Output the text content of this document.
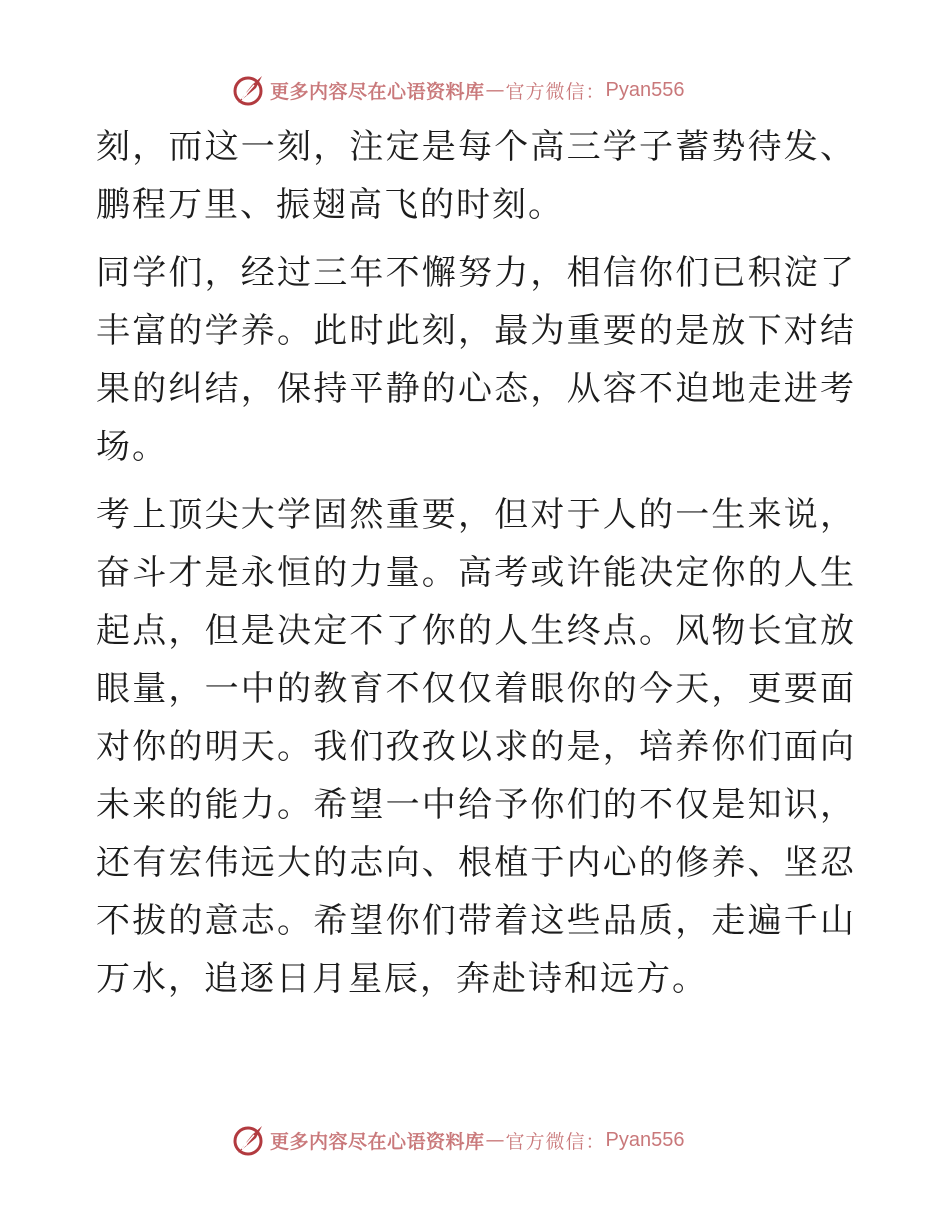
更多内容尽在心语资料库 — 官方微信： Pyan556

刻，而这一刻，注定是每个高三学子蓄势待发、鹏程万里、振翅高飞的时刻。

同学们，经过三年不懈努力，相信你们已积淀了丰富的学养。此时此刻，最为重要的是放下对结果的纠结，保持平静的心态，从容不迫地走进考场。

考上顶尖大学固然重要，但对于人的一生来说，奋斗才是永恒的力量。高考或许能决定你的人生起点，但是决定不了你的人生终点。风物长宜放眼量，一中的教育不仅仅着眼你的今天，更要面对你的明天。我们孜孜以求的是，培养你们面向未来的能力。希望一中给予你们的不仅是知识，还有宏伟远大的志向、根植于内心的修养、坚忍不拔的意志。希望你们带着这些品质，走遍千山万水，追逐日月星辰，奔赴诗和远方。

更多内容尽在心语资料库 — 官方微信： Pyan556
